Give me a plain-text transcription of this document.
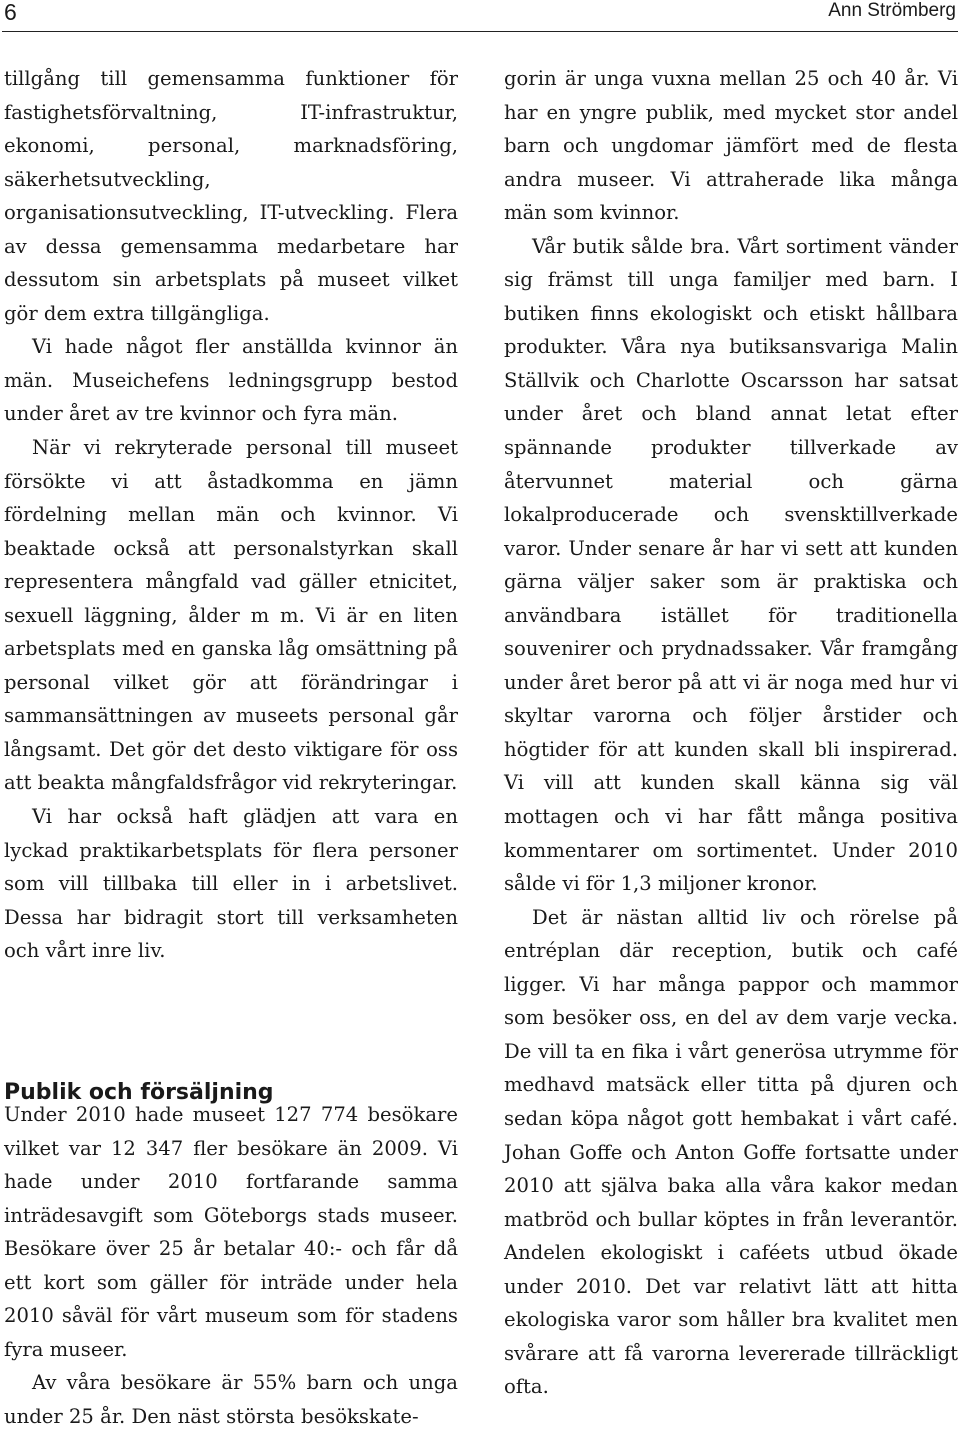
6	Ann Strömberg

tillgång till gemensamma funktioner för fastighetsförvaltning, IT-infrastruktur, ekonomi, personal, marknadsföring, säkerhetsutveckling, organisationsutveckling, IT-utveckling. Flera av dessa gemensamma medarbetare har dessutom sin arbetsplats på museet vilket gör dem extra tillgängliga.

Vi hade något fler anställda kvinnor än män. Museichefens ledningsgrupp bestod under året av tre kvinnor och fyra män.

När vi rekryterade personal till museet försökte vi att åstadkomma en jämn fördelning mellan män och kvinnor. Vi beaktade också att personalstyrkan skall representera mångfald vad gäller etnicitet, sexuell läggning, ålder m m. Vi är en liten arbetsplats med en ganska låg omsättning på personal vilket gör att förändringar i sammansättningen av museets personal går långsamt. Det gör det desto viktigare för oss att beakta mångfaldsfrågor vid rekryteringar.

Vi har också haft glädjen att vara en lyckad praktikarbetsplats för flera personer som vill tillbaka till eller in i arbetslivet. Dessa har bidragit stort till verksamheten och vårt inre liv.

Publik och försäljning

Under 2010 hade museet 127 774 besökare vilket var 12 347 fler besökare än 2009. Vi hade under 2010 fortfarande samma inträdesavgift som Göteborgs stads museer. Besökare över 25 år betalar 40:- och får då ett kort som gäller för inträde under hela 2010 såväl för vårt museum som för stadens fyra museer.

Av våra besökare är 55% barn och unga under 25 år. Den näst största besökskate-

gorin är unga vuxna mellan 25 och 40 år. Vi har en yngre publik, med mycket stor andel barn och ungdomar jämfört med de flesta andra museer. Vi attraherade lika många män som kvinnor.

Vår butik sålde bra. Vårt sortiment vänder sig främst till unga familjer med barn. I butiken finns ekologiskt och etiskt hållbara produkter. Våra nya butiksansvariga Malin Ställvik och Charlotte Oscarsson har satsat under året och bland annat letat efter spännande produkter tillverkade av återvunnet material och gärna lokalproducerade och svensktillverkade varor. Under senare år har vi sett att kunden gärna väljer saker som är praktiska och användbara istället för traditionella souvenirer och prydnadssaker. Vår framgång under året beror på att vi är noga med hur vi skyltar varorna och följer årstider och högtider för att kunden skall bli inspirerad. Vi vill att kunden skall känna sig väl mottagen och vi har fått många positiva kommentarer om sortimentet. Under 2010 sålde vi för 1,3 miljoner kronor.

Det är nästan alltid liv och rörelse på entréplan där reception, butik och café ligger. Vi har många pappor och mammor som besöker oss, en del av dem varje vecka. De vill ta en fika i vårt generösa utrymme för medhavd matsäck eller titta på djuren och sedan köpa något gott hembakat i vårt café. Johan Goffe och Anton Goffe fortsatte under 2010 att själva baka alla våra kakor medan matbröd och bullar köptes in från leverantör. Andelen ekologiskt i caféets utbud ökade under 2010. Det var relativt lätt att hitta ekologiska varor som håller bra kvalitet men svårare att få varorna levererade tillräckligt ofta.
